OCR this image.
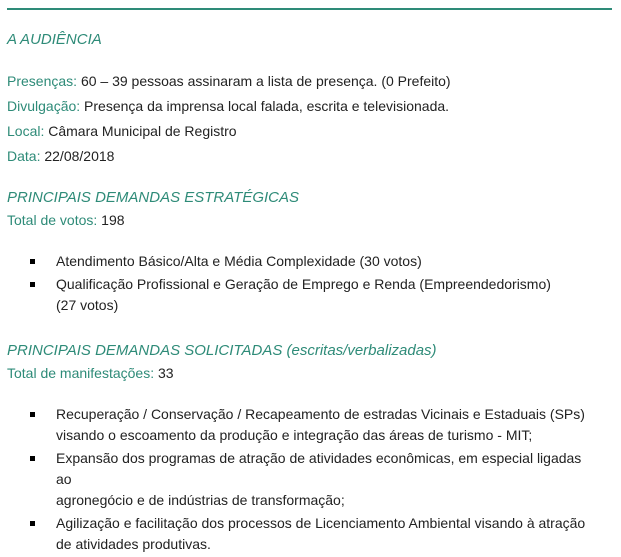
A AUDIÊNCIA
Presenças: 60 – 39 pessoas assinaram a lista de presença. (0 Prefeito)
Divulgação: Presença da imprensa local falada, escrita e televisionada.
Local: Câmara Municipal de Registro
Data: 22/08/2018
PRINCIPAIS DEMANDAS ESTRATÉGICAS
Total de votos: 198
Atendimento Básico/Alta e Média Complexidade (30 votos)
Qualificação Profissional e Geração de Emprego e Renda (Empreendedorismo)
(27 votos)
PRINCIPAIS DEMANDAS SOLICITADAS (escritas/verbalizadas)
Total de manifestações: 33
Recuperação / Conservação / Recapeamento de estradas Vicinais e Estaduais (SPs)
visando o escoamento da produção e integração das áreas de turismo - MIT;
Expansão dos programas de atração de atividades econômicas, em especial ligadas ao
agronegócio e de indústrias de transformação;
Agilização e facilitação dos processos de Licenciamento Ambiental visando à atração
de atividades produtivas.
